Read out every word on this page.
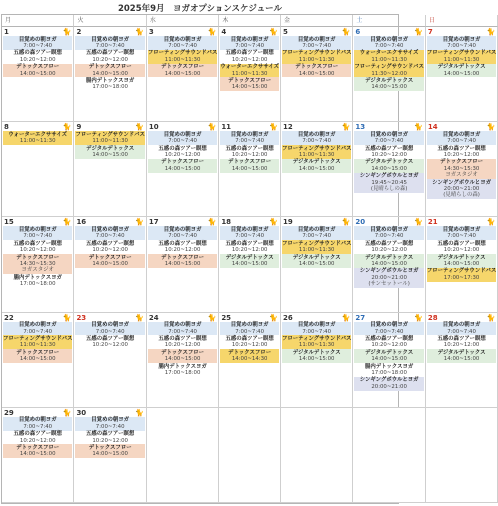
2025年9月　ヨガオプションスケジュール
月	火	水	木	金	土	日
1	🐈
目覚めの朝ヨガ
7:00~7:40
五感の森ツアー瞑想
10:20~12:00
デトックスフロー
14:00~15:00
2	🐈
目覚めの朝ヨガ
7:00~7:40
五感の森ツアー瞑想
10:20~12:00
デトックスフロー
14:00~15:00
腸内デトックスヨガ
17:00~18:00
3	🐈
目覚めの朝ヨガ
7:00~7:40
フローティングサウンドバス
11:00~11:30
デトックスフロー
14:00~15:00
4	🐈
目覚めの朝ヨガ
7:00~7:40
五感の森ツアー瞑想
10:20~12:00
ウォーターエクササイズ
11:00~11:30
デトックスフロー
14:00~15:00
5	🐈
目覚めの朝ヨガ
7:00~7:40
フローティングサウンドバス
11:00~11:30
デトックスフロー
14:00~15:00
6	🐈
目覚めの朝ヨガ
7:00~7:40
ウォーターエクササイズ
11:00~11:30
フローティングサウンドバス
11:30~12:00
デジタルデトックス
14:00~15:00
7	🐈
目覚めの朝ヨガ
7:00~7:40
フローティングサウンドバス
11:00~11:30
デジタルデトックス
14:00~15:00
8	🐈
ウォーターエクササイズ
11:00~11:30
9	🐈
フローティングサウンドバス
11:00~11:30
デジタルデトックス
14:00~15:00
10	🐈
目覚めの朝ヨガ
7:00~7:40
五感の森ツアー瞑想
10:20~12:00
デトックスフロー
14:00~15:00
11	🐈
目覚めの朝ヨガ
7:00~7:40
五感の森ツアー瞑想
10:20~12:00
デトックスフロー
14:00~15:00
12	🐈
目覚めの朝ヨガ
7:00~7:40
フローティングサウンドバス
11:00~11:30
デジタルデトックス
14:00~15:00
13	🐈
目覚めの朝ヨガ
7:00~7:40
五感の森ツアー瞑想
10:20~12:00
デジタルデトックス
14:00~15:00
シンギングボウルとヨガ
19:45~20:45
(見晴らしの森)
14	🐈
目覚めの朝ヨガ
7:00~7:40
五感の森ツアー瞑想
10:20~12:00
デトックスフロー
14:30~15:30
ヨガスタジオ
シンギングボウルとヨガ
20:00~21:00
(見晴らしの森)
15	🐈
目覚めの朝ヨガ
7:00~7:40
五感の森ツアー瞑想
10:20~12:00
デトックスフロー
14:30~15:30
ヨガスタジオ
腸内デトックスヨガ
17:00~18:00
16	🐈
目覚めの朝ヨガ
7:00~7:40
五感の森ツアー瞑想
10:20~12:00
デトックスフロー
14:00~15:00
17	🐈
目覚めの朝ヨガ
7:00~7:40
五感の森ツアー瞑想
10:20~12:00
デトックスフロー
14:00~15:00
18	🐈
目覚めの朝ヨガ
7:00~7:40
五感の森ツアー瞑想
10:20~12:00
デジタルデトックス
14:00~15:00
19	🐈
目覚めの朝ヨガ
7:00~7:40
フローティングサウンドバス
11:00~11:30
デジタルデトックス
14:00~15:00
20	🐈
目覚めの朝ヨガ
7:00~7:40
五感の森ツアー瞑想
10:20~12:00
デジタルデトックス
14:00~15:00
シンギングボウルとヨガ
20:00~21:00
(サンセットール)
21	🐈
目覚めの朝ヨガ
7:00~7:40
五感の森ツアー瞑想
10:20~12:00
デジタルデトックス
14:00~15:00
フローティングサウンドバス
17:00~17:30
22	🐈
目覚めの朝ヨガ
7:00~7:40
フローティングサウンドバス
11:00~11:30
デトックスフロー
14:00~15:00
23	🐈
目覚めの朝ヨガ
7:00~7:40
五感の森ツアー瞑想
10:20~12:00
24	🐈
目覚めの朝ヨガ
7:00~7:40
五感の森ツアー瞑想
10:20~12:00
デトックスフロー
14:00~15:00
腸内デトックスヨガ
17:00~18:00
25	🐈
目覚めの朝ヨガ
7:00~7:40
五感の森ツアー瞑想
10:20~12:00
デトックスフロー
14:00~14:30
26	🐈
目覚めの朝ヨガ
7:00~7:40
フローティングサウンドバス
11:00~11:30
デジタルデトックス
14:00~15:00
27	🐈
目覚めの朝ヨガ
7:00~7:40
五感の森ツアー瞑想
10:20~12:00
デジタルデトックス
14:00~15:00
腸内デトックスヨガ
17:00~18:00
シンギングボウルとヨガ
20:00~21:00
28	🐈
目覚めの朝ヨガ
7:00~7:40
五感の森ツアー瞑想
10:20~12:00
デジタルデトックス
14:00~15:00
29	🐈
目覚めの朝ヨガ
7:00~7:40
五感の森ツアー瞑想
10:20~12:00
デトックスフロー
14:00~15:00
30	🐈
目覚めの朝ヨガ
7:00~7:40
五感の森ツアー瞑想
10:20~12:00
デトックスフロー
14:00~15:00
